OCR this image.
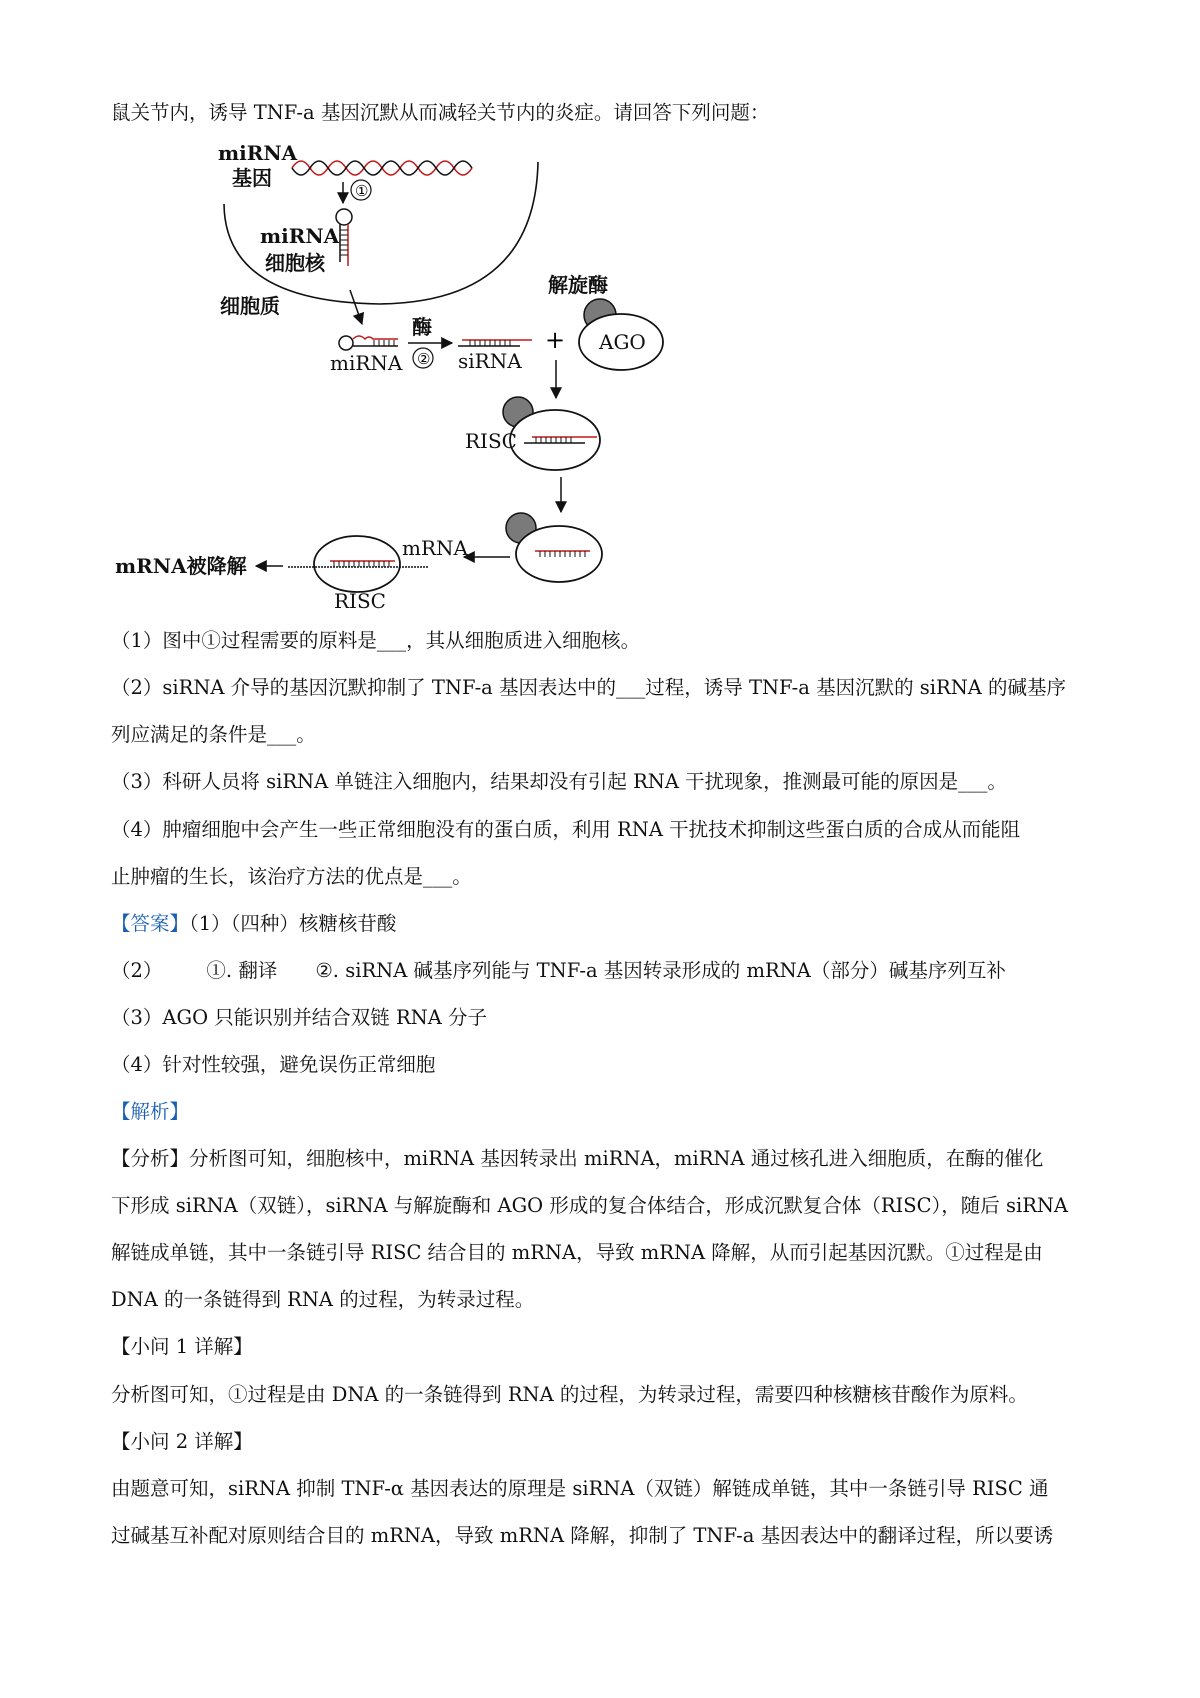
鼠关节内，诱导 TNF-a 基因沉默从而减轻关节内的炎症。请回答下列问题：
miRNA
基因
①
miRNA
细胞核
细胞质
miRNA
酶
② siRNA
+
解旋酶
AGO
RISC
mRNA
RISC
mRNA被降解
（1）图中①过程需要的原料是___，其从细胞质进入细胞核。
（2）siRNA 介导的基因沉默抑制了 TNF-a 基因表达中的___过程，诱导 TNF-a 基因沉默的 siRNA 的碱基序
列应满足的条件是___。
（3）科研人员将 siRNA 单链注入细胞内，结果却没有引起 RNA 干扰现象，推测最可能的原因是___。
（4）肿瘤细胞中会产生一些正常细胞没有的蛋白质，利用 RNA 干扰技术抑制这些蛋白质的合成从而能阻
止肿瘤的生长，该治疗方法的优点是___。
【答案】（1）（四种）核糖核苷酸
（2） ①. 翻译 ②. siRNA 碱基序列能与 TNF-a 基因转录形成的 mRNA（部分）碱基序列互补
（3）AGO 只能识别并结合双链 RNA 分子
（4）针对性较强，避免误伤正常细胞
【解析】
【分析】分析图可知，细胞核中，miRNA 基因转录出 miRNA，miRNA 通过核孔进入细胞质，在酶的催化
下形成 siRNA（双链），siRNA 与解旋酶和 AGO 形成的复合体结合，形成沉默复合体（RISC），随后 siRNA
解链成单链，其中一条链引导 RISC 结合目的 mRNA，导致 mRNA 降解，从而引起基因沉默。①过程是由
DNA 的一条链得到 RNA 的过程，为转录过程。
【小问 1 详解】
分析图可知，①过程是由 DNA 的一条链得到 RNA 的过程，为转录过程，需要四种核糖核苷酸作为原料。
【小问 2 详解】
由题意可知，siRNA 抑制 TNF-α 基因表达的原理是 siRNA（双链）解链成单链，其中一条链引导 RISC 通
过碱基互补配对原则结合目的 mRNA，导致 mRNA 降解，抑制了 TNF-a 基因表达中的翻译过程，所以要诱
